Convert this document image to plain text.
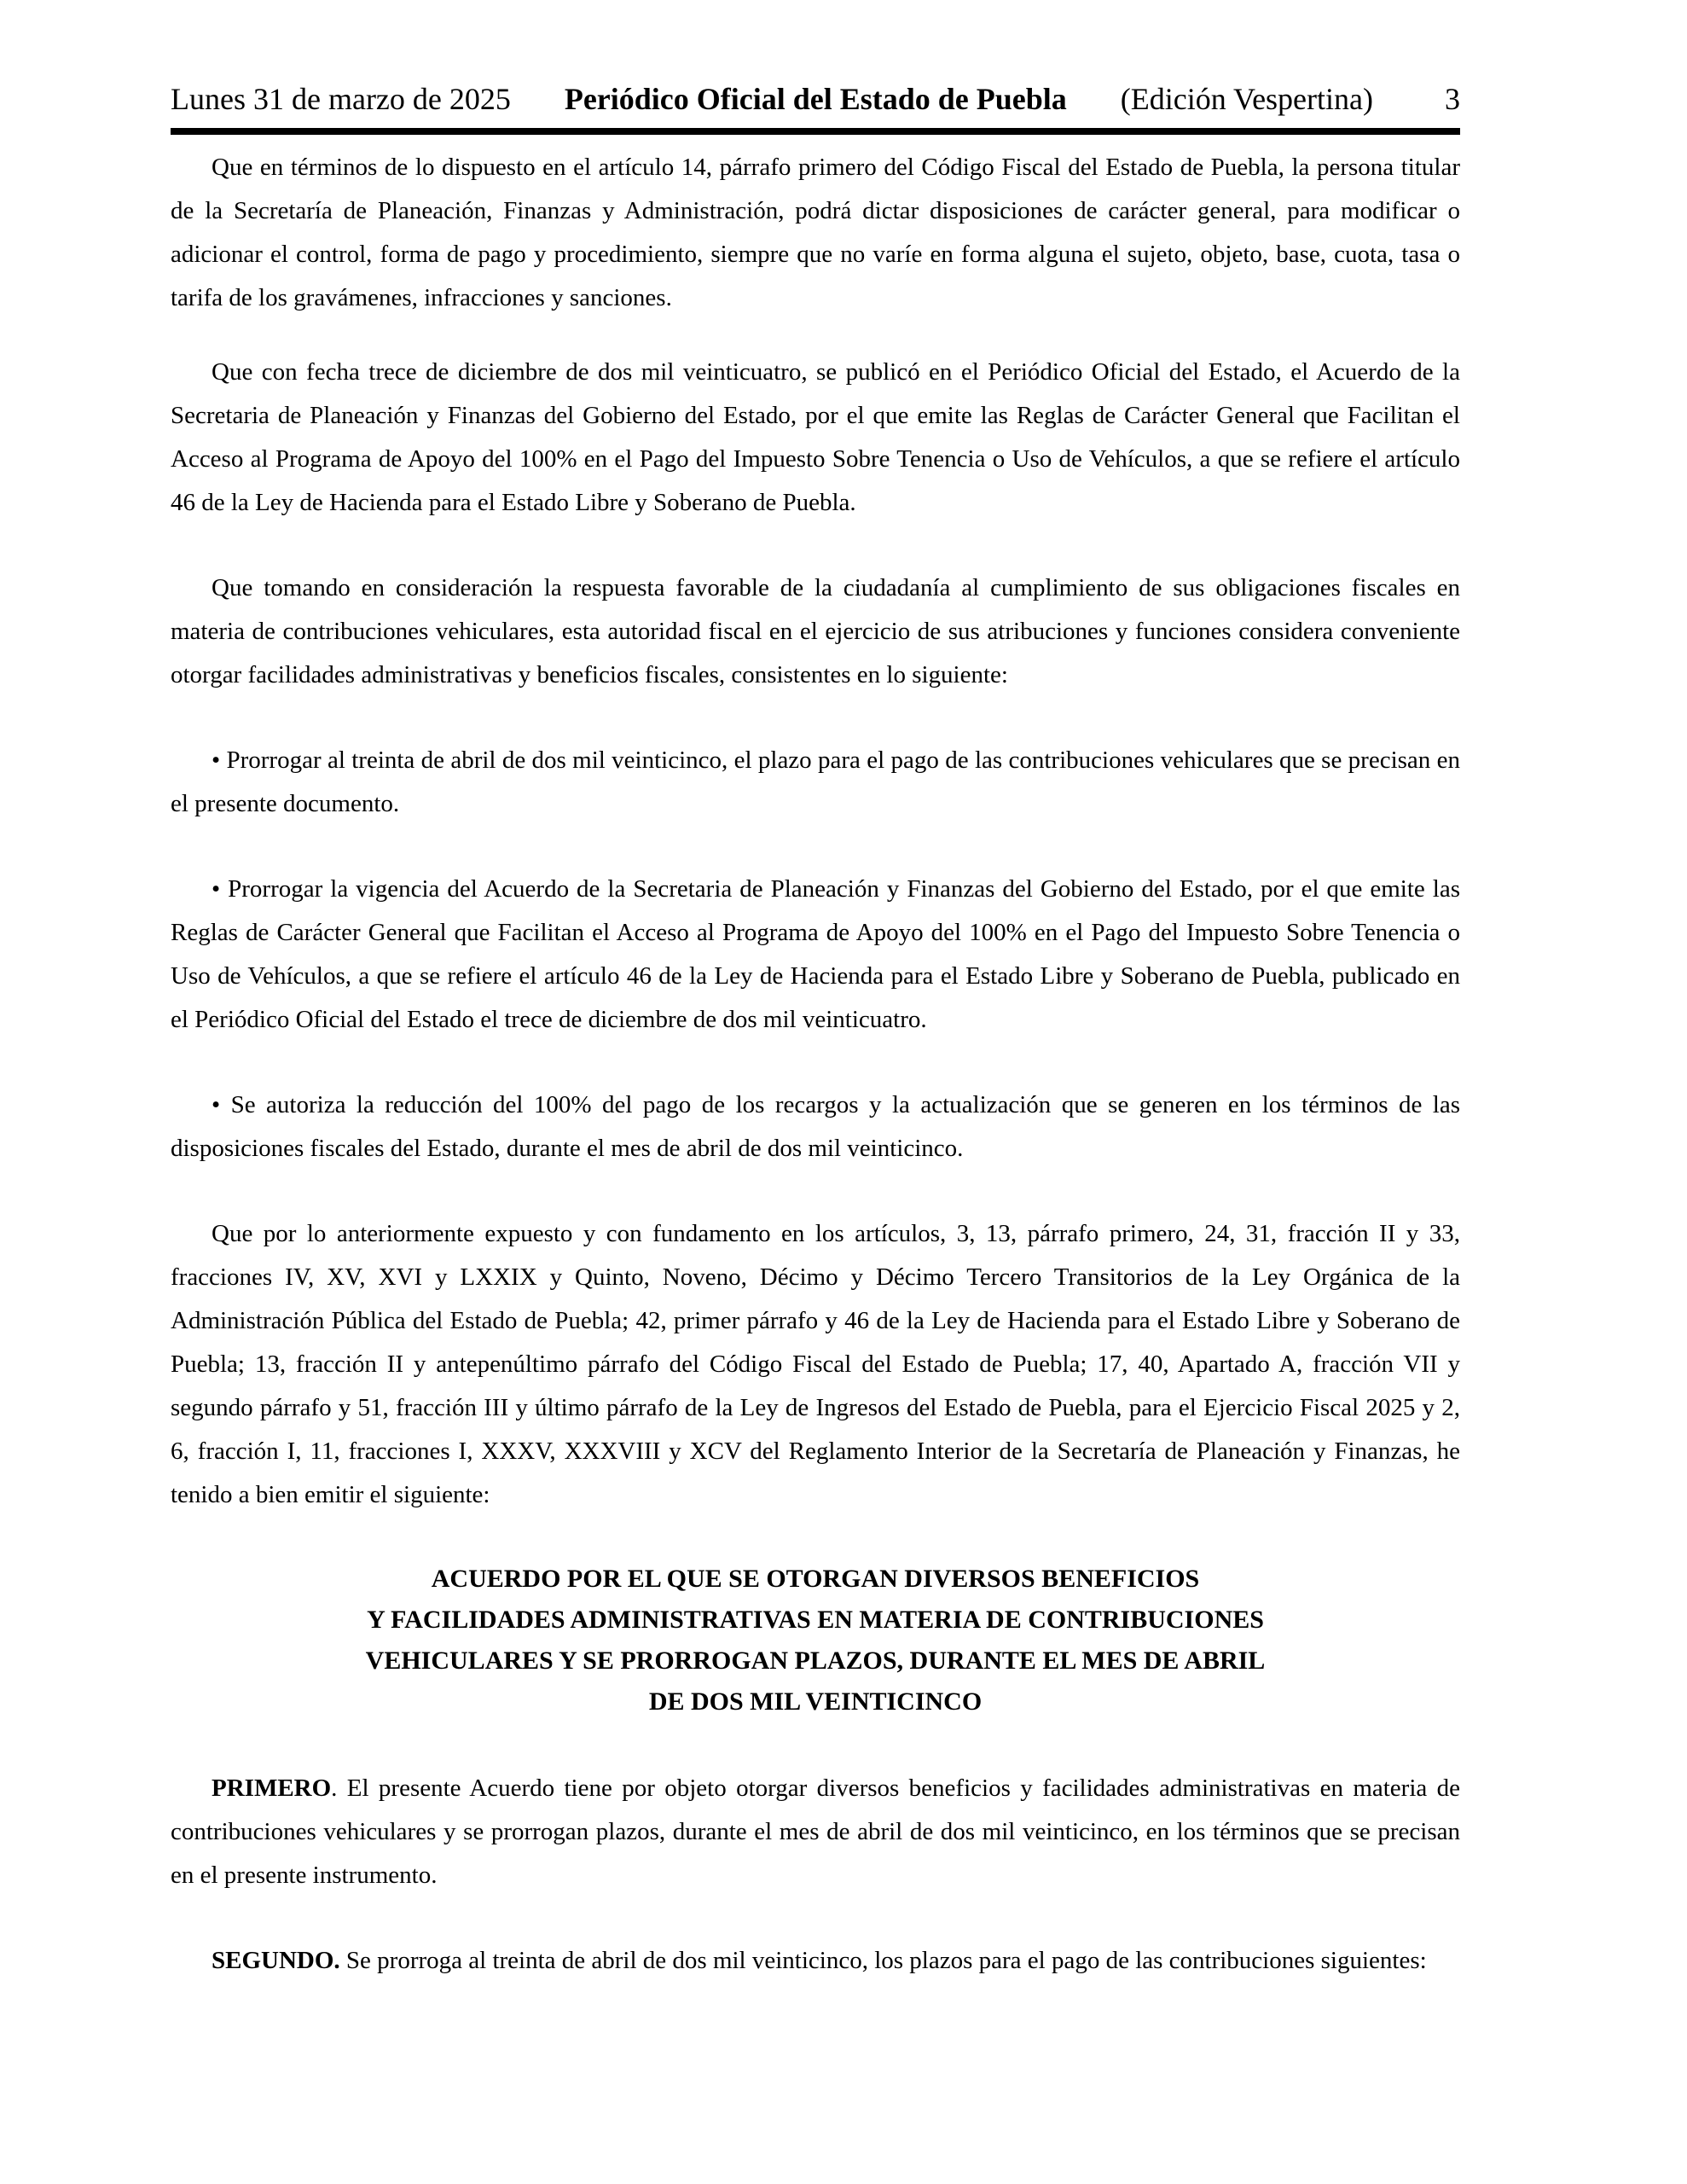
Lunes 31 de marzo de 2025 Periódico Oficial del Estado de Puebla (Edición Vespertina) 3

Que en términos de lo dispuesto en el artículo 14, párrafo primero del Código Fiscal del Estado de Puebla, la persona titular de la Secretaría de Planeación, Finanzas y Administración, podrá dictar disposiciones de carácter general, para modificar o adicionar el control, forma de pago y procedimiento, siempre que no varíe en forma alguna el sujeto, objeto, base, cuota, tasa o tarifa de los gravámenes, infracciones y sanciones.

Que con fecha trece de diciembre de dos mil veinticuatro, se publicó en el Periódico Oficial del Estado, el Acuerdo de la Secretaria de Planeación y Finanzas del Gobierno del Estado, por el que emite las Reglas de Carácter General que Facilitan el Acceso al Programa de Apoyo del 100% en el Pago del Impuesto Sobre Tenencia o Uso de Vehículos, a que se refiere el artículo 46 de la Ley de Hacienda para el Estado Libre y Soberano de Puebla.

Que tomando en consideración la respuesta favorable de la ciudadanía al cumplimiento de sus obligaciones fiscales en materia de contribuciones vehiculares, esta autoridad fiscal en el ejercicio de sus atribuciones y funciones considera conveniente otorgar facilidades administrativas y beneficios fiscales, consistentes en lo siguiente:

• Prorrogar al treinta de abril de dos mil veinticinco, el plazo para el pago de las contribuciones vehiculares que se precisan en el presente documento.

• Prorrogar la vigencia del Acuerdo de la Secretaria de Planeación y Finanzas del Gobierno del Estado, por el que emite las Reglas de Carácter General que Facilitan el Acceso al Programa de Apoyo del 100% en el Pago del Impuesto Sobre Tenencia o Uso de Vehículos, a que se refiere el artículo 46 de la Ley de Hacienda para el Estado Libre y Soberano de Puebla, publicado en el Periódico Oficial del Estado el trece de diciembre de dos mil veinticuatro.

• Se autoriza la reducción del 100% del pago de los recargos y la actualización que se generen en los términos de las disposiciones fiscales del Estado, durante el mes de abril de dos mil veinticinco.

Que por lo anteriormente expuesto y con fundamento en los artículos, 3, 13, párrafo primero, 24, 31, fracción II y 33, fracciones IV, XV, XVI y LXXIX y Quinto, Noveno, Décimo y Décimo Tercero Transitorios de la Ley Orgánica de la Administración Pública del Estado de Puebla; 42, primer párrafo y 46 de la Ley de Hacienda para el Estado Libre y Soberano de Puebla; 13, fracción II y antepenúltimo párrafo del Código Fiscal del Estado de Puebla; 17, 40, Apartado A, fracción VII y segundo párrafo y 51, fracción III y último párrafo de la Ley de Ingresos del Estado de Puebla, para el Ejercicio Fiscal 2025 y 2, 6, fracción I, 11, fracciones I, XXXV, XXXVIII y XCV del Reglamento Interior de la Secretaría de Planeación y Finanzas, he tenido a bien emitir el siguiente:

ACUERDO POR EL QUE SE OTORGAN DIVERSOS BENEFICIOS
Y FACILIDADES ADMINISTRATIVAS EN MATERIA DE CONTRIBUCIONES
VEHICULARES Y SE PRORROGAN PLAZOS, DURANTE EL MES DE ABRIL
DE DOS MIL VEINTICINCO

PRIMERO. El presente Acuerdo tiene por objeto otorgar diversos beneficios y facilidades administrativas en materia de contribuciones vehiculares y se prorrogan plazos, durante el mes de abril de dos mil veinticinco, en los términos que se precisan en el presente instrumento.

SEGUNDO. Se prorroga al treinta de abril de dos mil veinticinco, los plazos para el pago de las contribuciones siguientes:
